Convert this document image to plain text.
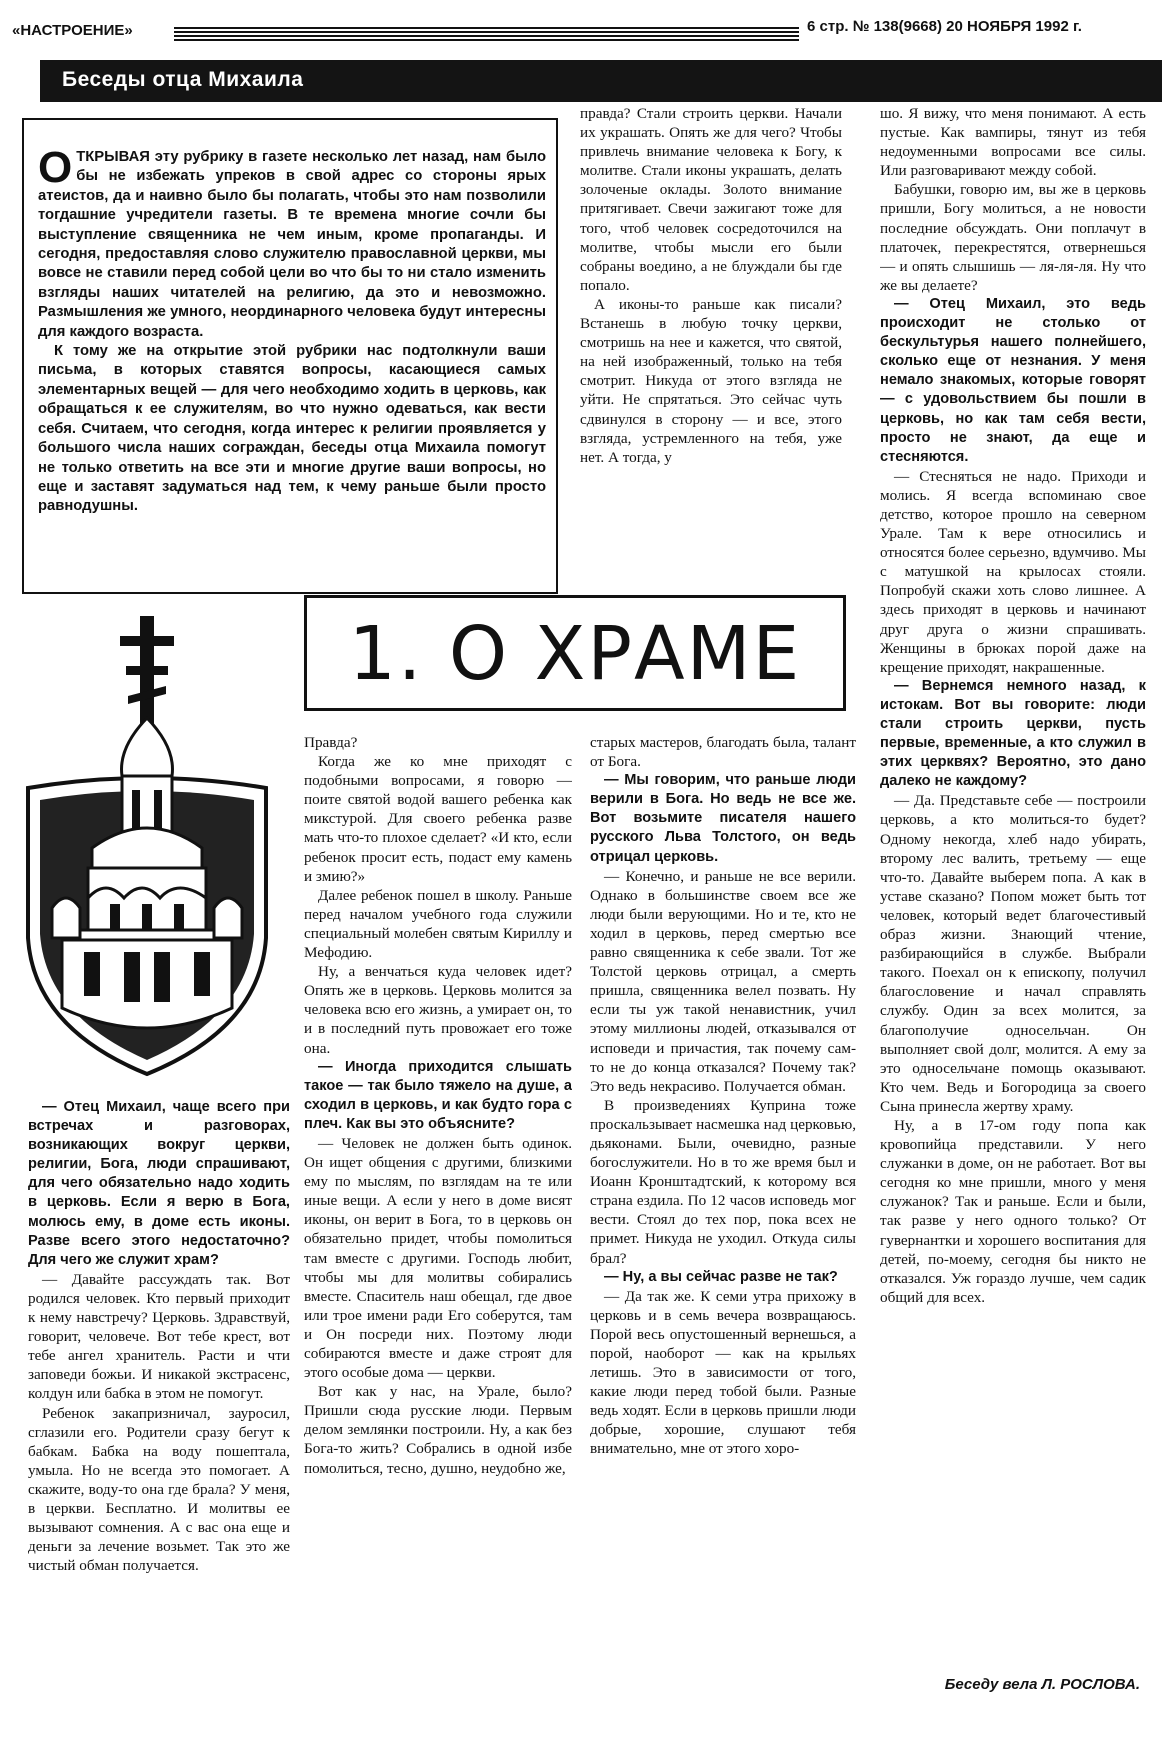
«НАСТРОЕНИЕ»	6 стр. № 138(9668) 20 НОЯБРЯ 1992 г.
Беседы отца Михаила

ОТКРЫВАЯ эту рубрику в газете несколько лет назад, нам было бы не избежать упреков в свой адрес со стороны ярых атеистов, да и наивно было бы полагать, чтобы это нам позволили тогдашние учредители газеты. В те времена многие сочли бы выступление священника не чем иным, кроме пропаганды. И сегодня, предоставляя слово служителю православной церкви, мы вовсе не ставили перед собой цели во что бы то ни стало изменить взгляды наших читателей на религию, да это и невозможно. Размышления же умного, неординарного человека будут интересны для каждого возраста.

К тому же на открытие этой рубрики нас подтолкнули ваши письма, в которых ставятся вопросы, касающиеся самых элементарных вещей — для чего необходимо ходить в церковь, как обращаться к ее служителям, во что нужно одеваться, как вести себя. Считаем, что сегодня, когда интерес к религии проявляется у большого числа наших сограждан, беседы отца Михаила помогут не только ответить на все эти и многие другие ваши вопросы, но еще и заставят задуматься над тем, к чему раньше были просто равнодушны.

правда? Стали строить церкви. Начали их украшать. Опять же для чего? Чтобы привлечь внимание человека к Богу, к молитве. Стали иконы украшать, делать золоченые оклады. Золото внимание притягивает. Свечи зажигают тоже для того, чтоб человек сосредоточился на молитве, чтобы мысли его были собраны воедино, а не блуждали бы где попало.

А иконы-то раньше как писали? Встанешь в любую точку церкви, смотришь на нее и кажется, что святой, на ней изображенный, только на тебя смотрит. Никуда от этого взгляда не уйти. Не спрятаться. Это сейчас чуть сдвинулся в сторону — и все, этого взгляда, устремленного на тебя, уже нет. А тогда, у

шо. Я вижу, что меня понимают. А есть пустые. Как вампиры, тянут из тебя недоуменными вопросами все силы. Или разговаривают между собой.

Бабушки, говорю им, вы же в церковь пришли, Богу молиться, а не новости последние обсуждать. Они поплачут в платочек, перекрестятся, отвернешься — и опять слышишь — ля-ля-ля. Ну что же вы делаете?

— Отец Михаил, это ведь происходит не столько от бескультурья нашего полнейшего, сколько еще от незнания. У меня немало знакомых, которые говорят — с удовольствием бы пошли в церковь, но как там себя вести, просто не знают, да еще и стесняются.

— Стесняться не надо. Приходи и молись. Я всегда вспоминаю свое детство, которое прошло на северном Урале. Там к вере относились и относятся более серьезно, вдумчиво. Мы с матушкой на крылосах стояли. Попробуй скажи хоть слово лишнее. А здесь приходят в церковь и начинают друг друга о жизни спрашивать. Женщины в брюках порой даже на крещение приходят, накрашенные.

— Вернемся немного назад, к истокам. Вот вы говорите: люди стали строить церкви, пусть первые, временные, а кто служил в этих церквях? Вероятно, это дано далеко не каждому?

— Да. Представьте себе — построили церковь, а кто молиться-то будет? Одному некогда, хлеб надо убирать, второму лес валить, третьему — еще что-то. Давайте выберем попа. А как в уставе сказано? Попом может быть тот человек, который ведет благочестивый образ жизни. Знающий чтение, разбирающийся в службе. Выбрали такого. Поехал он к епископу, получил благословение и начал справлять службу. Один за всех молится, за благополучие односельчан. Он выполняет свой долг, молится. А ему за это односельчане помощь оказывают. Кто чем. Ведь и Богородица за своего Сына принесла жертву храму.

Ну, а в 17-ом году попа как кровопийца представили. У него служанки в доме, он не работает. Вот вы сегодня ко мне пришли, много у меня служанок? Так и раньше. Если и были, так разве у него одного только? От гувернантки и хорошего воспитания для детей, по-моему, сегодня бы никто не отказался. Уж гораздо лучше, чем садик общий для всех.

Беседу вела Л. РОСЛОВА.
1. О ХРАМЕ

— Отец Михаил, чаще всего при встречах и разговорах, возникающих вокруг церкви, религии, Бога, люди спрашивают, для чего обязательно надо ходить в церковь. Если я верю в Бога, молюсь ему, в доме есть иконы. Разве всего этого недостаточно? Для чего же служит храм?

— Давайте рассуждать так. Вот родился человек. Кто первый приходит к нему навстречу? Церковь. Здравствуй, говорит, человече. Вот тебе крест, вот тебе ангел хранитель. Расти и чти заповеди божьи. И никакой экстрасенс, колдун или бабка в этом не помогут.

Ребенок закапризничал, зауросил, сглазили его. Родители сразу бегут к бабкам. Бабка на воду пошептала, умыла. Но не всегда это помогает. А скажите, воду-то она где брала? У меня, в церкви. Бесплатно. И молитвы ее вызывают сомнения. А с вас она еще и деньги за лечение возьмет. Так это же чистый обман получается.

Правда?

Когда же ко мне приходят с подобными вопросами, я говорю — поите святой водой вашего ребенка как микстурой. Для своего ребенка разве мать что-то плохое сделает? «И кто, если ребенок просит есть, подаст ему камень и змию?»

Далее ребенок пошел в школу. Раньше перед началом учебного года служили специальный молебен святым Кириллу и Мефодию.

Ну, а венчаться куда человек идет? Опять же в церковь. Церковь молится за человека всю его жизнь, а умирает он, то и в последний путь провожает его тоже она.

— Иногда приходится слышать такое — так было тяжело на душе, а сходил в церковь, и как будто гора с плеч. Как вы это объясните?

— Человек не должен быть одинок. Он ищет общения с другими, близкими ему по мыслям, по взглядам на те или иные вещи. А если у него в доме висят иконы, он верит в Бога, то в церковь он обязательно придет, чтобы помолиться там вместе с другими. Господь любит, чтобы мы для молитвы собирались вместе. Спаситель наш обещал, где двое или трое имени ради Его соберутся, там и Он посреди них. Поэтому люди собираются вместе и даже строят для этого особые дома — церкви.

Вот как у нас, на Урале, было? Пришли сюда русские люди. Первым делом землянки построили. Ну, а как без Бога-то жить? Собрались в одной избе помолиться, тесно, душно, неудобно же,

старых мастеров, благодать была, талант от Бога.

— Мы говорим, что раньше люди верили в Бога. Но ведь не все же. Вот возьмите писателя нашего русского Льва Толстого, он ведь отрицал церковь.

— Конечно, и раньше не все верили. Однако в большинстве своем все же люди были верующими. Но и те, кто не ходил в церковь, перед смертью все равно священника к себе звали. Тот же Толстой церковь отрицал, а смерть пришла, священника велел позвать. Ну если ты уж такой ненавистник, учил этому миллионы людей, отказывался от исповеди и причастия, так почему сам-то не до конца отказался? Почему так? Это ведь некрасиво. Получается обман.

В произведениях Куприна тоже проскальзывает насмешка над церковью, дьяконами. Были, очевидно, разные богослужители. Но в то же время был и Иоанн Кронштадтский, к которому вся страна ездила. По 12 часов исповедь мог вести. Стоял до тех пор, пока всех не примет. Никуда не уходил. Откуда силы брал?

— Ну, а вы сейчас разве не так?

— Да так же. К семи утра прихожу в церковь и в семь вечера возвращаюсь. Порой весь опустошенный вернешься, а порой, наоборот — как на крыльях летишь. Это в зависимости от того, какие люди перед тобой были. Разные ведь ходят. Если в церковь пришли люди добрые, хорошие, слушают тебя внимательно, мне от этого хоро-
